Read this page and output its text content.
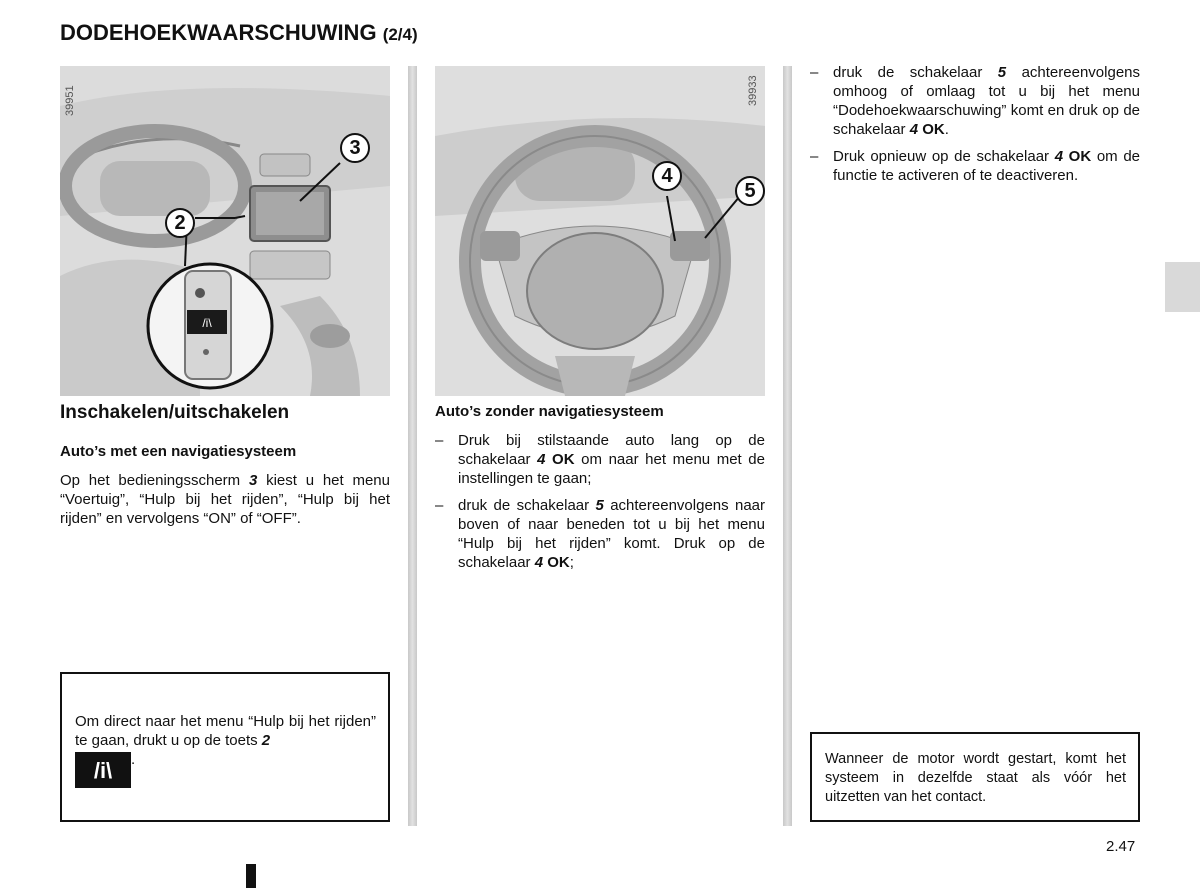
DODEHOEKWAARSCHUWING (2/4)
/i\
39951
3
2
39933
4
5
Inschakelen/uitschakelen
Auto’s met een navigatiesysteem
Op het bedieningsscherm 3 kiest u het menu “Voertuig”, “Hulp bij het rijden”, “Hulp bij het rijden” en vervolgens “ON” of “OFF”.
Om direct naar het menu “Hulp bij het rijden” te gaan, drukt u op de toets 2
/i\ .
Auto’s zonder navigatiesysteem
– Druk bij stilstaande auto lang op de schakelaar 4 OK om naar het menu met de instellingen te gaan;
– druk de schakelaar 5 achtereenvolgens naar boven of naar beneden tot u bij het menu “Hulp bij het rijden” komt. Druk op de schakelaar 4 OK;
– druk de schakelaar 5 achtereenvolgens omhoog of omlaag tot u bij het menu “Dodehoekwaarschuwing” komt en druk op de schakelaar 4 OK.
– Druk opnieuw op de schakelaar 4 OK om de functie te activeren of te deactiveren.
Wanneer de motor wordt gestart, komt het systeem in dezelfde staat als vóór het uitzetten van het contact.
2.47
